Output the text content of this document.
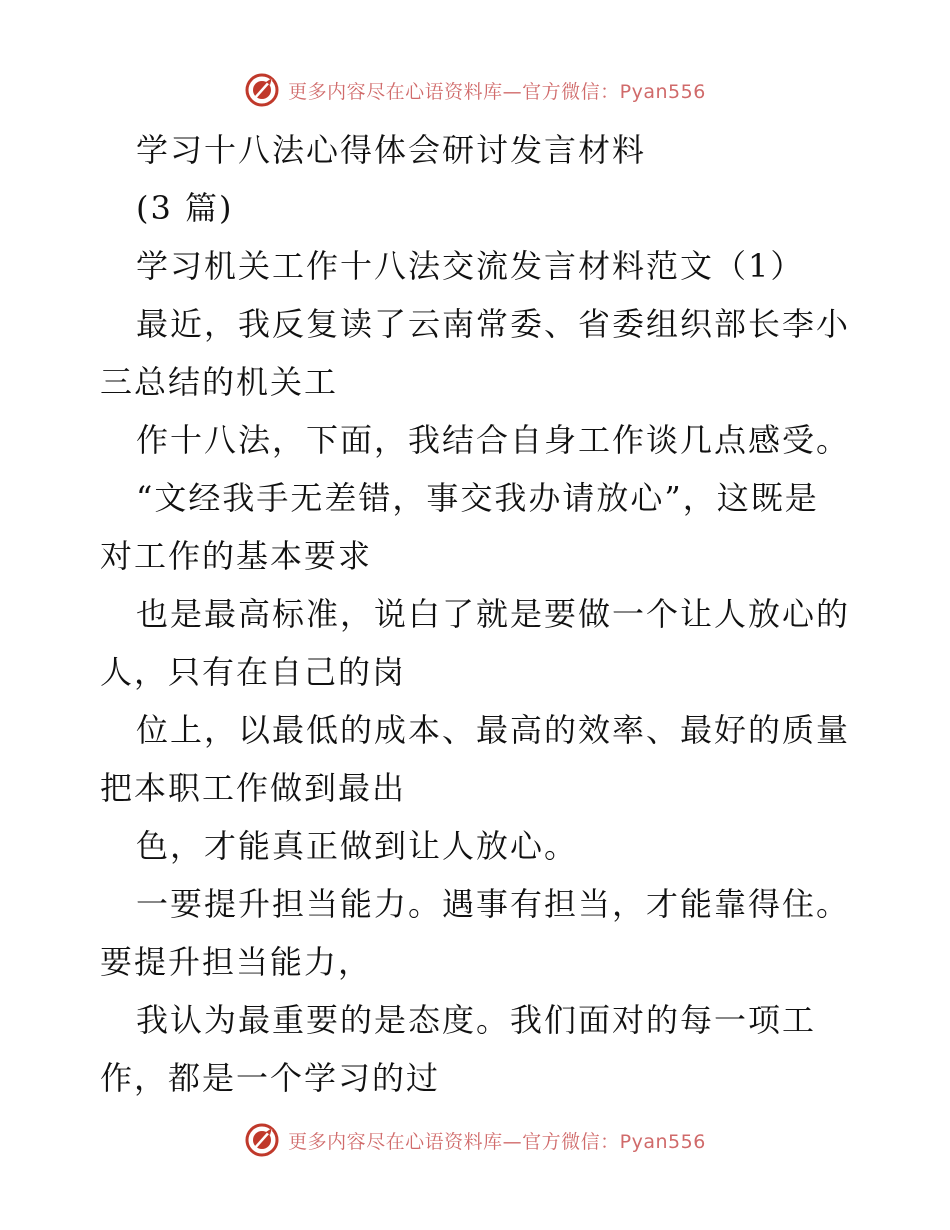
更多内容尽在心语资料库—官方微信：Pyan556
学习十八法心得体会研讨发言材料
(3 篇)
学习机关工作十八法交流发言材料范文（1）
最近，我反复读了云南常委、省委组织部长李小
三总结的机关工
作十八法，下面，我结合自身工作谈几点感受。
“文经我手无差错，事交我办请放心”，这既是
对工作的基本要求
也是最高标准，说白了就是要做一个让人放心的
人，只有在自己的岗
位上，以最低的成本、最高的效率、最好的质量
把本职工作做到最出
色，才能真正做到让人放心。
一要提升担当能力。遇事有担当，才能靠得住。
要提升担当能力，
我认为最重要的是态度。我们面对的每一项工
作，都是一个学习的过
更多内容尽在心语资料库—官方微信：Pyan556
